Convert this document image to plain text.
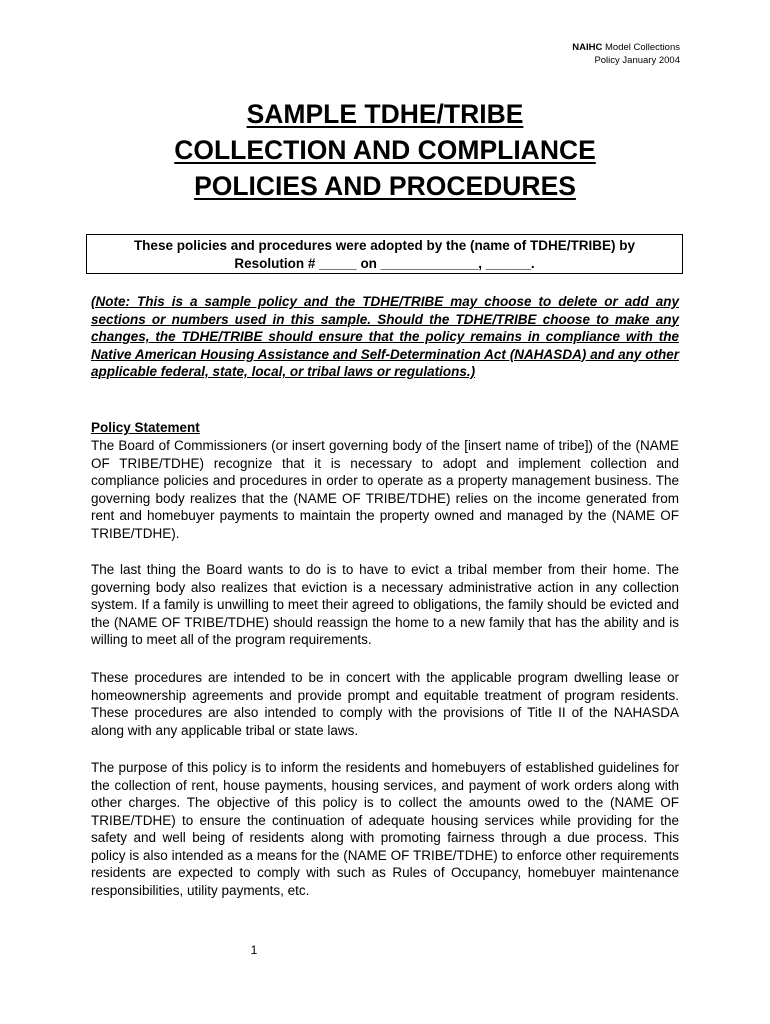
NAIHC Model Collections
Policy January 2004
SAMPLE TDHE/TRIBE
COLLECTION AND COMPLIANCE
POLICIES AND PROCEDURES
These policies and procedures were adopted by the (name of TDHE/TRIBE) by
Resolution # _____ on _____________, ______.
(Note: This is a sample policy and the TDHE/TRIBE may choose to delete or add any sections or numbers used in this sample. Should the TDHE/TRIBE choose to make any changes, the TDHE/TRIBE should ensure that the policy remains in compliance with the Native American Housing Assistance and Self-Determination Act (NAHASDA) and any other applicable federal, state, local, or tribal laws or regulations.)
Policy Statement
The Board of Commissioners (or insert governing body of the [insert name of tribe]) of the (NAME OF TRIBE/TDHE) recognize that it is necessary to adopt and implement collection and compliance policies and procedures in order to operate as a property management business. The governing body realizes that the (NAME OF TRIBE/TDHE) relies on the income generated from rent and homebuyer payments to maintain the property owned and managed by the (NAME OF TRIBE/TDHE).
The last thing the Board wants to do is to have to evict a tribal member from their home. The governing body also realizes that eviction is a necessary administrative action in any collection system. If a family is unwilling to meet their agreed to obligations, the family should be evicted and the (NAME OF TRIBE/TDHE) should reassign the home to a new family that has the ability and is willing to meet all of the program requirements.
These procedures are intended to be in concert with the applicable program dwelling lease or homeownership agreements and provide prompt and equitable treatment of program residents. These procedures are also intended to comply with the provisions of Title II of the NAHASDA along with any applicable tribal or state laws.
The purpose of this policy is to inform the residents and homebuyers of established guidelines for the collection of rent, house payments, housing services, and payment of work orders along with other charges. The objective of this policy is to collect the amounts owed to the (NAME OF TRIBE/TDHE) to ensure the continuation of adequate housing services while providing for the safety and well being of residents along with promoting fairness through a due process. This policy is also intended as a means for the (NAME OF TRIBE/TDHE) to enforce other requirements residents are expected to comply with such as Rules of Occupancy, homebuyer maintenance responsibilities, utility payments, etc.
1
